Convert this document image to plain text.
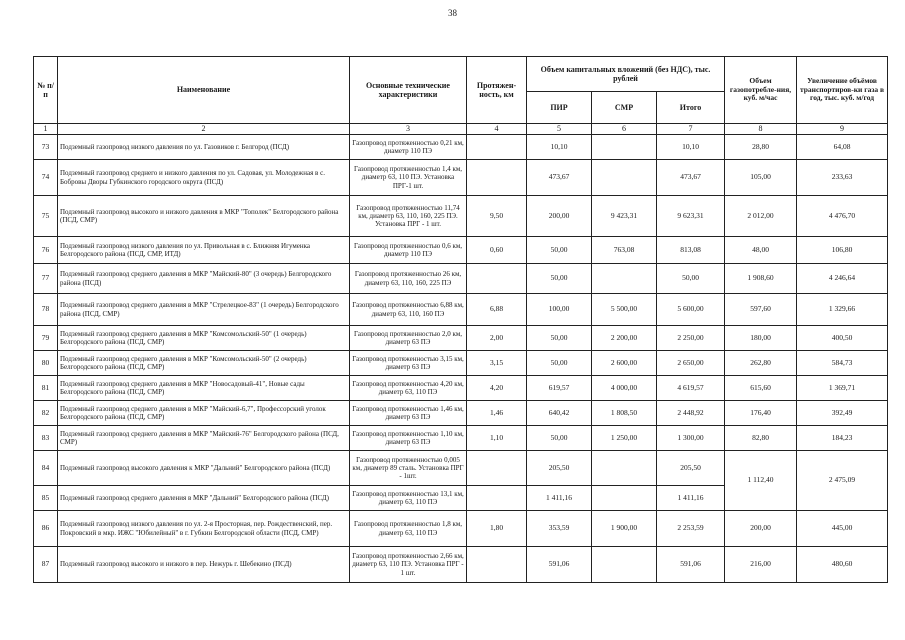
38
№ п/п	Наименование	Основные технические характеристики	Протяжен-ность, км	Объем капитальных вложений (без НДС), тыс. рублей			Объем газопотребле-ния, куб. м/час	Увеличение объёмов транспортиров-ки газа в год, тыс. куб. м/год
				ПИР	СМР	Итого		
1	2	3	4	5	6	7	8	9
73	Подземный газопровод низкого давления по ул. Газовиков г. Белгород (ПСД)	Газопровод протяженностью 0,21 км, диаметр 110 ПЭ		10,10		10,10	28,80	64,08
74	Подземный газопровод среднего и низкого давления по ул. Садовая, ул. Молодежная в с. Бобровы Дворы Губкинского городского округа (ПСД)	Газопровод протяженностью 1,4 км, диаметр 63, 110 ПЭ. Установка ПРГ-1 шт.		473,67		473,67	105,00	233,63
75	Подземный газопровод высокого и низкого давления в МКР "Тополек" Белгородского района (ПСД, СМР)	Газопровод протяженностью 11,74 км, диаметр 63, 110, 160, 225 ПЭ. Установка ПРГ - 1 шт.	9,50	200,00	9 423,31	9 623,31	2 012,00	4 476,70
76	Подземный газопровод низкого давления по ул. Привольная в с. Ближняя Игуменка Белгородского района (ПСД, СМР, ИТД)	Газопровод протяженностью 0,6 км, диаметр 110 ПЭ	0,60	50,00	763,08	813,08	48,00	106,80
77	Подземный газопровод среднего давления в МКР "Майский-80" (3 очередь) Белгородского района (ПСД)	Газопровод протяженностью 26 км, диаметр 63, 110, 160, 225 ПЭ		50,00		50,00	1 908,60	4 246,64
78	Подземный газопровод среднего давления в МКР "Стрелецкое-83" (1 очередь) Белгородского района (ПСД, СМР)	Газопровод протяженностью 6,88 км, диаметр 63, 110, 160 ПЭ	6,88	100,00	5 500,00	5 600,00	597,60	1 329,66
79	Подземный газопровод среднего давления в МКР "Комсомольский-50" (1 очередь) Белгородского района (ПСД, СМР)	Газопровод протяженностью 2,0 км, диаметр 63 ПЭ	2,00	50,00	2 200,00	2 250,00	180,00	400,50
80	Подземный газопровод среднего давления в МКР "Комсомольский-50" (2 очередь) Белгородского района (ПСД, СМР)	Газопровод протяженностью 3,15 км, диаметр 63 ПЭ	3,15	50,00	2 600,00	2 650,00	262,80	584,73
81	Подземный газопровод среднего давления в МКР "Новосадовый-41", Новые сады Белгородского района (ПСД, СМР)	Газопровод протяженностью 4,20 км, диаметр 63, 110 ПЭ	4,20	619,57	4 000,00	4 619,57	615,60	1 369,71
82	Подземный газопровод среднего давления в МКР "Майский-6,7", Профессорский уголок Белгородского района (ПСД, СМР)	Газопровод протяженностью 1,46 км, диаметр 63 ПЭ	1,46	640,42	1 808,50	2 448,92	176,40	392,49
83	Подземный газопровод среднего давления в МКР "Майский-76" Белгородского района (ПСД, СМР)	Газопровод протяженностью 1,10 км, диаметр 63 ПЭ	1,10	50,00	1 250,00	1 300,00	82,80	184,23
84	Подземный газопровод высокого давления к МКР "Дальний" Белгородского района (ПСД)	Газопровод протяженностью 0,005 км, диаметр 89 сталь. Установка ПРГ - 1шт.		205,50		205,50	1 112,40	2 475,09
85	Подземный газопровод среднего давления в МКР "Дальний" Белгородского района (ПСД)	Газопровод протяженностью 13,1 км, диаметр 63, 110 ПЭ		1 411,16		1 411,16		
86	Подземный газопровод низкого давления по ул. 2-я Просторная, пер. Рождественский, пер. Покровский в мкр. ИЖС "Юбилейный" в г. Губкин Белгородской области (ПСД, СМР)	Газопровод протяженностью 1,8 км, диаметр 63, 110 ПЭ	1,80	353,59	1 900,00	2 253,59	200,00	445,00
87	Подземный газопровод высокого и низкого в пер. Нежурь г. Шебекино (ПСД)	Газопровод протяженностью 2,66 км, диаметр 63, 110 ПЭ. Установка ПРГ - 1 шт.		591,06		591,06	216,00	480,60
